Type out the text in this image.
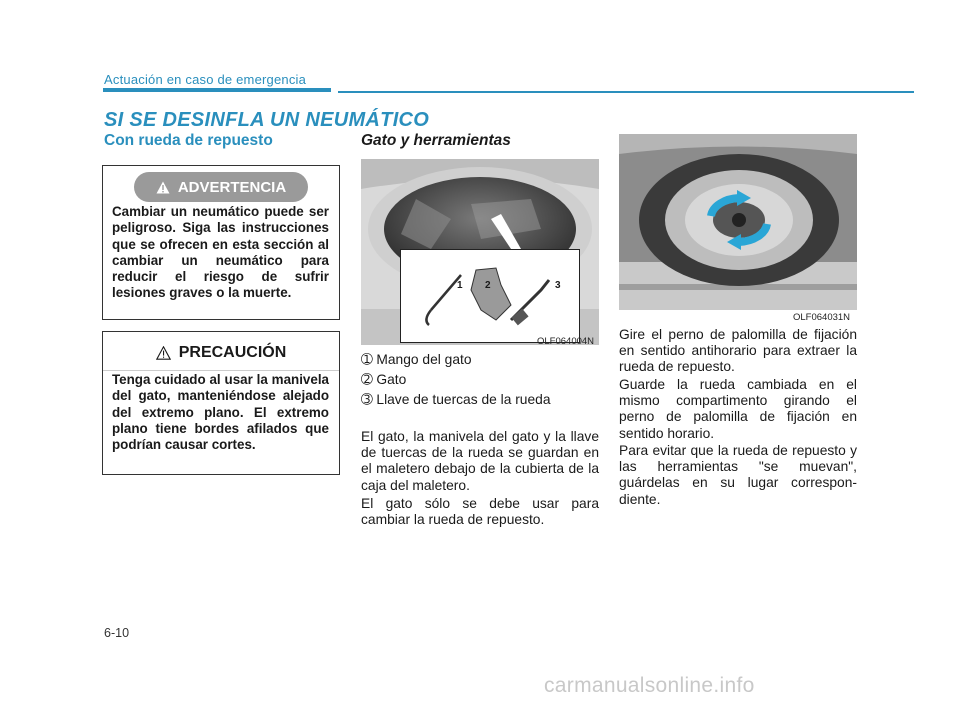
Actuación en caso de emergencia
SI SE DESINFLA UN NEUMÁTICO
Con rueda de repuesto
ADVERTENCIA
Cambiar un neumático puede ser peligroso. Siga las instrucciones que se ofrecen en esta sección al cambiar un neumático para reducir el riesgo de sufrir lesiones graves o la muerte.
PRECAUCIÓN
Tenga cuidado al usar la manivela del gato, manteniéndose alejado del extremo plano. El extremo plano tiene bordes afilados que podrían causar cortes.
Gato y herramientas
1 2	3
OLF064004N
➀ Mango del gato
➁ Gato
➂ Llave de tuercas de la rueda
El gato, la manivela del gato y la llave de tuercas de la rueda se guardan en el maletero debajo de la cubierta de la caja del maletero.
El gato sólo se debe usar para cambiar la rueda de repuesto.
OLF064031N
Gire el perno de palomilla de fijación en sentido antihorario para extraer la rueda de repuesto.
Guarde la rueda cambiada en el mismo compartimento girando el perno de palomilla de fijación en sentido horario.
Para evitar que la rueda de repuesto y las herramientas "se muevan", guárdelas en su lugar correspon-diente.
6-10
carmanualsonline.info
